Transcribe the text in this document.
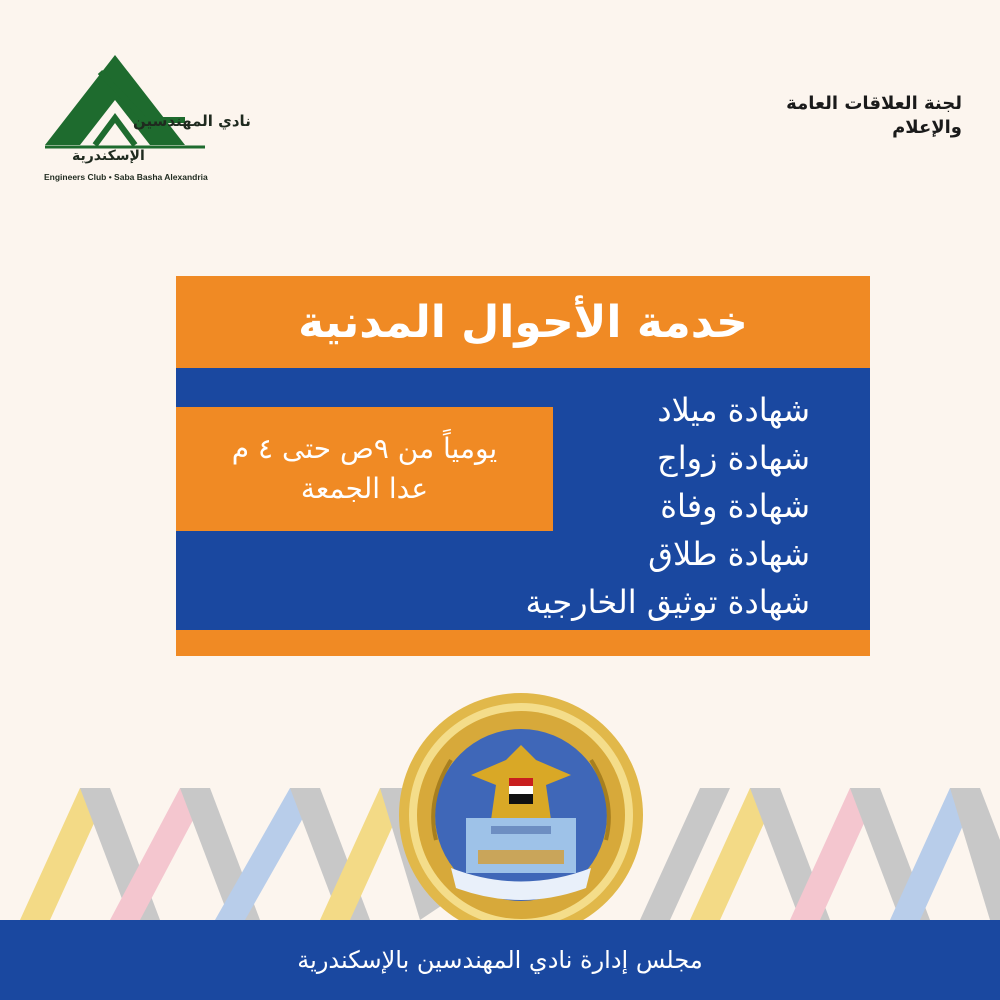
نادي المهندسين

الإسكندرية

Engineers Club • Saba Basha Alexandria

لجنة العلاقات العامة
والإعلام
خدمة الأحوال المدنية
شهادة ميلاد
شهادة زواج
شهادة وفاة
شهادة طلاق
شهادة توثيق الخارجية
يومياً من ٩ص حتى ٤ م
عدا الجمعة
مجلس إدارة نادي المهندسين بالإسكندرية
